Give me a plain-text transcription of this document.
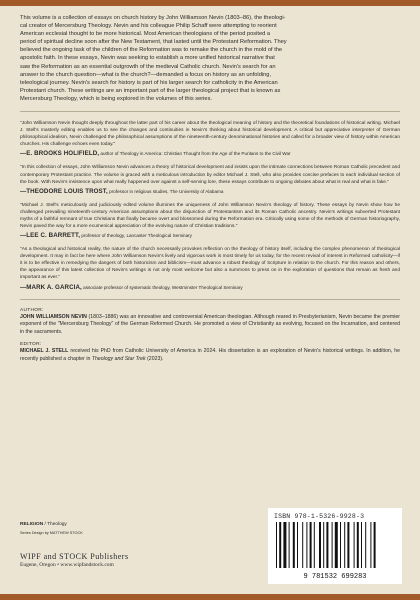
This volume is a collection of essays on church history by John Williamson Nevin (1803–86), the theologi-
cal creator of Mercersburg Theology. Nevin and his colleague Philip Schaff were attempting to reorient
American ecclesial thought to be more historical. Most American theologians of the period posited a
period of spiritual decline soon after the New Testament, that lasted until the Protestant Reformation. They
believed the ongoing task of the children of the Reformation was to remake the church in the mold of the
apostolic faith. In these essays, Nevin was seeking to establish a more unified historical narrative that
saw the Reformation as an essential outgrowth of the medieval Catholic church. Nevin's search for an
answer to the church question—what is the church?—demanded a focus on history as an unfolding,
teleological journey. Nevin's search for history is part of his larger search for catholicity in the American
Protestant church. These writings are an important part of the larger theological project that is known as
Mercersburg Theology, which is being explored in the volumes of this series.

"John Williamson Nevin thought deeply throughout the latter part of his career about the theological meaning of history and the theoretical foundations of historical writing. Michael J. Stell's masterly editing enables us to see the changes and continuities in Nevin's thinking about historical development. A critical but appreciative interpreter of German philosophical idealism, Nevin challenged the philosophical assumptions of the nineteenth-century denominational histories and called for a broader view of history within American churches. His challenge echoes even today."
—E. BROOKS HOLIFIELD, author of Theology in America: Christian Thought from the Age of the Puritans to the Civil War
"In this collection of essays, John Williamson Nevin advances a theory of historical development and insists upon the intimate connections between Roman Catholic precedent and contemporary Protestant practice. The volume is graced with a meticulous introduction by editor Michael J. Stell, who also provides concise prefaces to each individual section of the book. With Nevin's insistence upon what really happened over against a self-serving lore, these essays contribute to ongoing debates about what is real and what is fake."
—THEODORE LOUIS TROST, professor in religious studies, The University of Alabama
"Michael J. Stell's meticulously and judiciously edited volume illumines the uniqueness of John Williamson Nevin's theology of history. These essays by Nevin show how he challenged prevailing nineteenth-century American assumptions about the disjunction of Protestantism and its Roman Catholic ancestry. Nevin's writings subverted Protestant myths of a faithful remnant of true Christians that finally became overt and blossomed during the Reformation era. Critically using some of the methods of German historiography, Nevin paved the way for a more ecumenical appreciation of the evolving nature of Christian traditions."
—LEE C. BARRETT, professor of theology, Lancaster Theological Seminary
"As a theological and historical reality, the nature of the church necessarily provokes reflection on the theology of history itself, including the complex phenomenon of theological development. It may in fact be here where John Williamson Nevin's lively and vigorous work is most timely for us today, for the recent revival of interest in Reformed catholicity—if it is to be effective in remedying the dangers of both historicism and biblicism—must advance a robust theology of Scripture in relation to the church. For this reason and others, the appearance of this latest collection of Nevin's writings is not only most welcome but also a summons to press on in the exploration of questions that remain as fresh and important as ever."
—MARK A. GARCIA, associate professor of systematic theology, Westminster Theological Seminary
AUTHOR:
JOHN WILLIAMSON NEVIN (1803–1886) was an innovative and controversial American theologian. Although reared in Presbyterianism, Nevin became the premier exponent of the "Mercersburg Theology" of the German Reformed Church. He promoted a view of Christianity as evolving, focused on the Incarnation, and centered in the sacraments.
EDITOR:
MICHAEL J. STELL received his PhD from Catholic University of America in 2024. His dissertation is an exploration of Nevin's historical writings. In addition, he recently published a chapter in Theology and Star Trek (2023).
RELIGION / Theology
Series Design by MATTHEW STOCK
WIPF and STOCK Publishers
Eugene, Oregon • www.wipfandstock.com
ISBN 978-1-5326-9928-3
9 781532 699283
